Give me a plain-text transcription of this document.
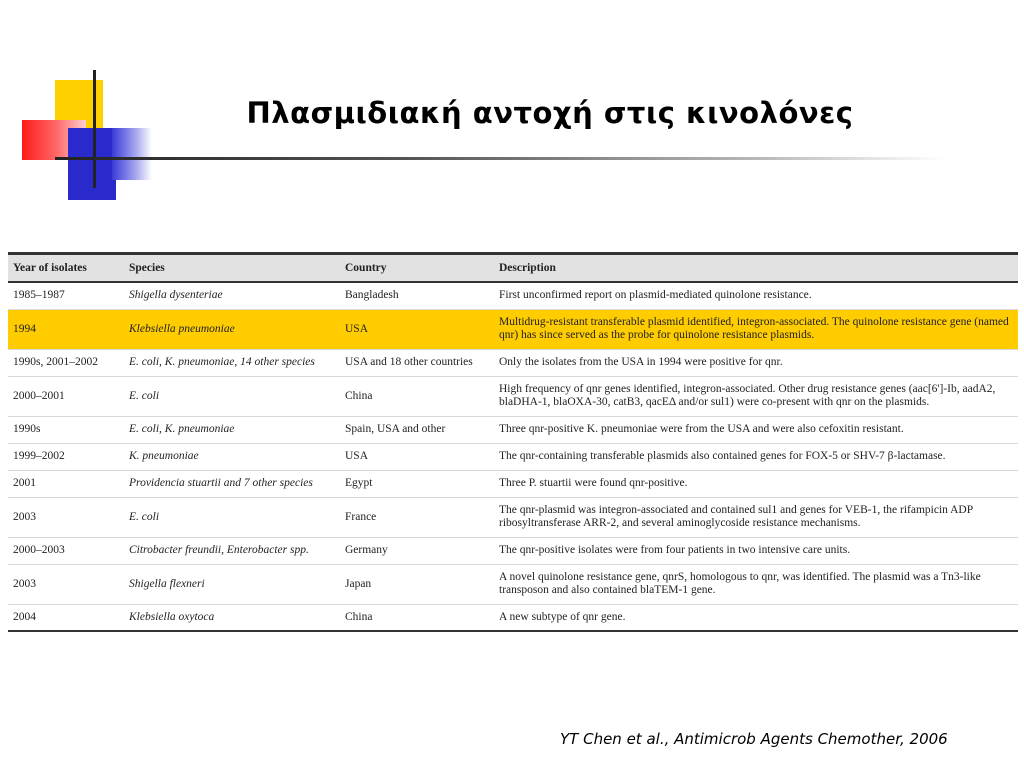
Πλασμιδιακή αντοχή στις κινολόνες
Year of isolates	Species	Country	Description
1985–1987	Shigella dysenteriae	Bangladesh	First unconfirmed report on plasmid-mediated quinolone resistance.
1994	Klebsiella pneumoniae	USA	Multidrug-resistant transferable plasmid identified, integron-associated. The quinolone resistance gene (named qnr) has since served as the probe for quinolone resistance plasmids.
1990s, 2001–2002	E. coli, K. pneumoniae, 14 other species	USA and 18 other countries	Only the isolates from the USA in 1994 were positive for qnr.
2000–2001	E. coli	China	High frequency of qnr genes identified, integron-associated. Other drug resistance genes (aac[6']-Ib, aadA2, blaDHA-1, blaOXA-30, catB3, qacEΔ and/or sul1) were co-present with qnr on the plasmids.
1990s	E. coli, K. pneumoniae	Spain, USA and other	Three qnr-positive K. pneumoniae were from the USA and were also cefoxitin resistant.
1999–2002	K. pneumoniae	USA	The qnr-containing transferable plasmids also contained genes for FOX-5 or SHV-7 β-lactamase.
2001	Providencia stuartii and 7 other species	Egypt	Three P. stuartii were found qnr-positive.
2003	E. coli	France	The qnr-plasmid was integron-associated and contained sul1 and genes for VEB-1, the rifampicin ADP ribosyltransferase ARR-2, and several aminoglycoside resistance mechanisms.
2000–2003	Citrobacter freundii, Enterobacter spp.	Germany	The qnr-positive isolates were from four patients in two intensive care units.
2003	Shigella flexneri	Japan	A novel quinolone resistance gene, qnrS, homologous to qnr, was identified. The plasmid was a Tn3-like transposon and also contained blaTEM-1 gene.
2004	Klebsiella oxytoca	China	A new subtype of qnr gene.
YT Chen et al., Antimicrob Agents Chemother, 2006
